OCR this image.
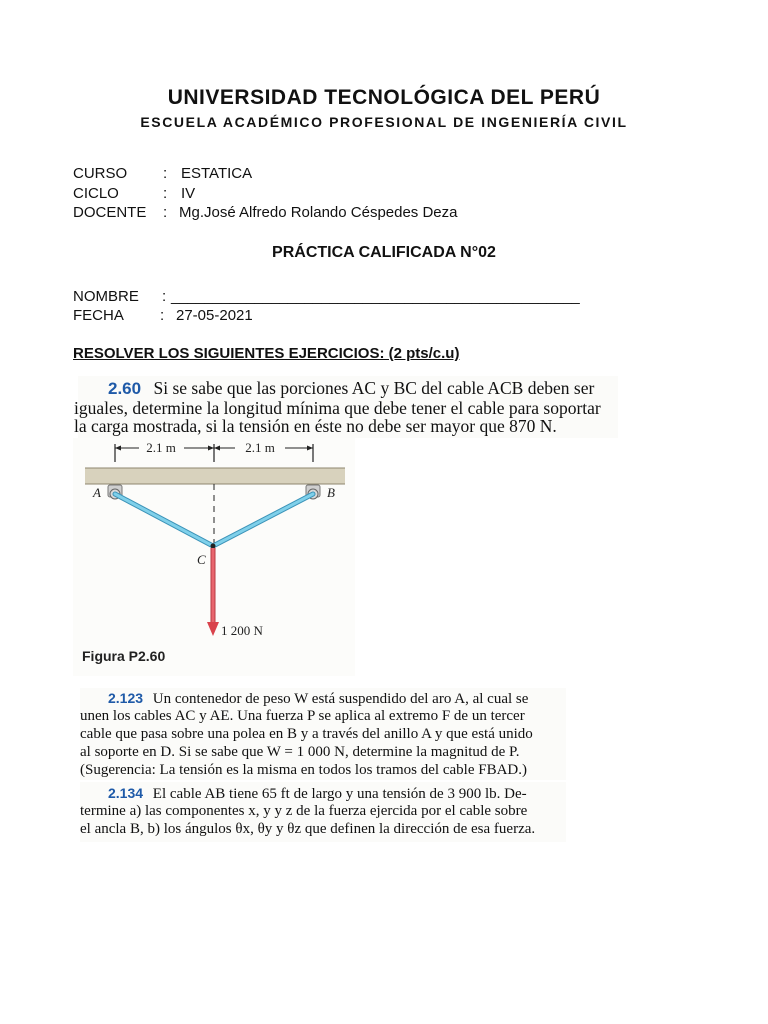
UNIVERSIDAD TECNOLÓGICA DEL PERÚ
ESCUELA ACADÉMICO PROFESIONAL DE INGENIERÍA CIVIL
CURSO : ESTATICA
CICLO	: IV
DOCENTE : Mg.José Alfredo Rolando Céspedes Deza
PRÁCTICA CALIFICADA N°02
NOMBRE : _________________________________________________
FECHA : 27-05-2021
RESOLVER LOS SIGUIENTES EJERCICIOS: (2 pts/c.u)
2.60 Si se sabe que las porciones AC y BC del cable ACB deben ser
iguales, determine la longitud mínima que debe tener el cable para soportar
la carga mostrada, si la tensión en éste no debe ser mayor que 870 N.
2.1 m	2.1 m
A	B
C
1 200 N
Figura P2.60
2.123 Un contenedor de peso W está suspendido del aro A, al cual se
unen los cables AC y AE. Una fuerza P se aplica al extremo F de un tercer
cable que pasa sobre una polea en B y a través del anillo A y que está unido
al soporte en D. Si se sabe que W = 1 000 N, determine la magnitud de P.
(Sugerencia: La tensión es la misma en todos los tramos del cable FBAD.)
2.134 El cable AB tiene 65 ft de largo y una tensión de 3 900 lb. De-
termine a) las componentes x, y y z de la fuerza ejercida por el cable sobre
el ancla B, b) los ángulos θx, θy y θz que definen la dirección de esa fuerza.
